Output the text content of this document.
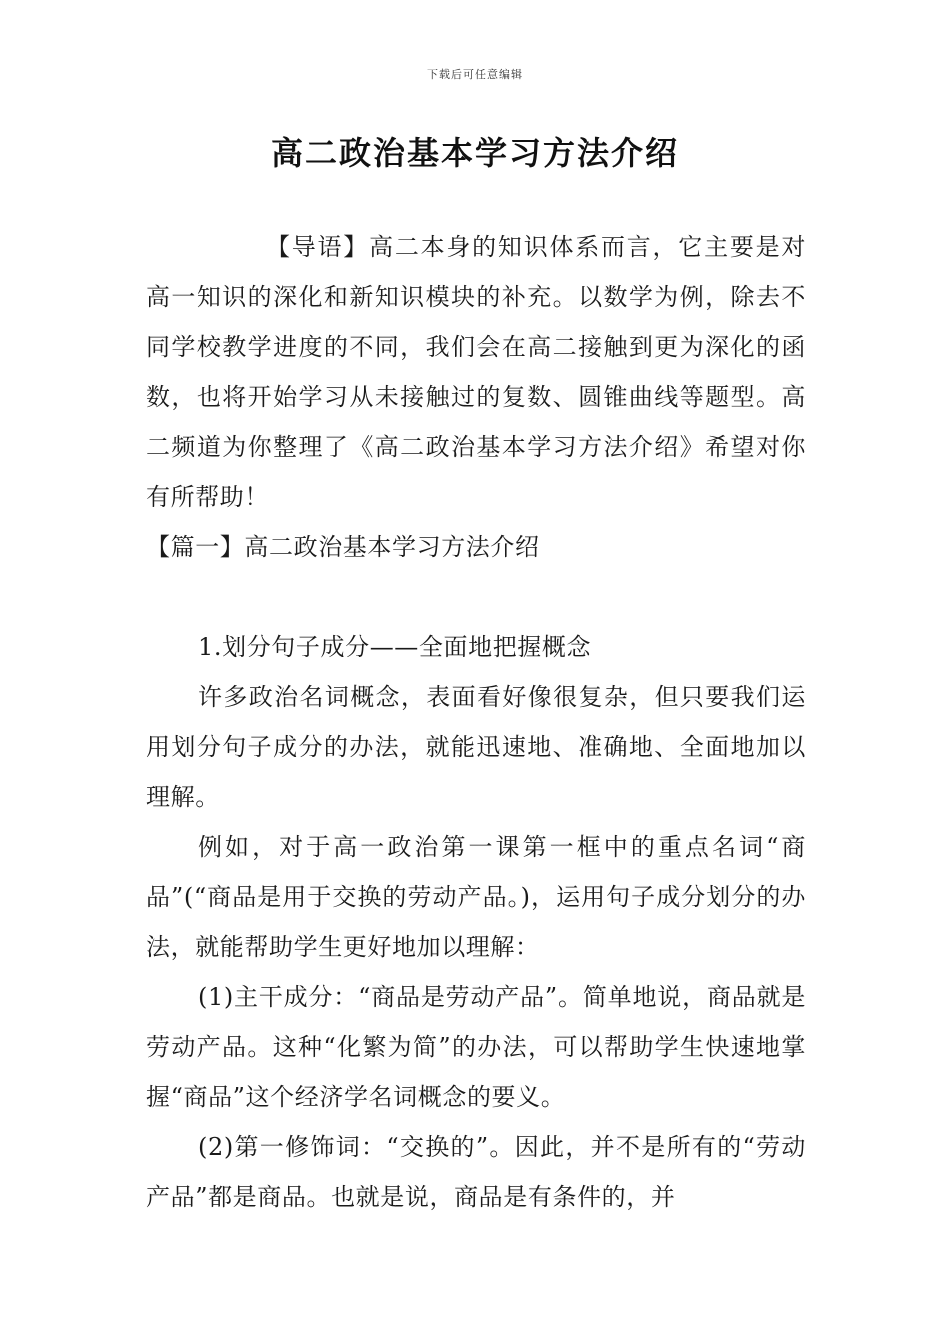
下载后可任意编辑
高二政治基本学习方法介绍

【导语】高二本身的知识体系而言，它主要是对高一知识的深化和新知识模块的补充。以数学为例，除去不同学校教学进度的不同，我们会在高二接触到更为深化的函数，也将开始学习从未接触过的复数、圆锥曲线等题型。高二频道为你整理了《高二政治基本学习方法介绍》希望对你有所帮助！

【篇一】高二政治基本学习方法介绍

1.划分句子成分——全面地把握概念

许多政治名词概念，表面看好像很复杂，但只要我们运用划分句子成分的办法，就能迅速地、准确地、全面地加以理解。

例如，对于高一政治第一课第一框中的重点名词“商品”(“商品是用于交换的劳动产品。)，运用句子成分划分的办法，就能帮助学生更好地加以理解：

(1)主干成分：“商品是劳动产品”。简单地说，商品就是劳动产品。这种“化繁为简”的办法，可以帮助学生快速地掌握“商品”这个经济学名词概念的要义。

(2)第一修饰词：“交换的”。因此，并不是所有的“劳动产品”都是商品。也就是说，商品是有条件的，并
